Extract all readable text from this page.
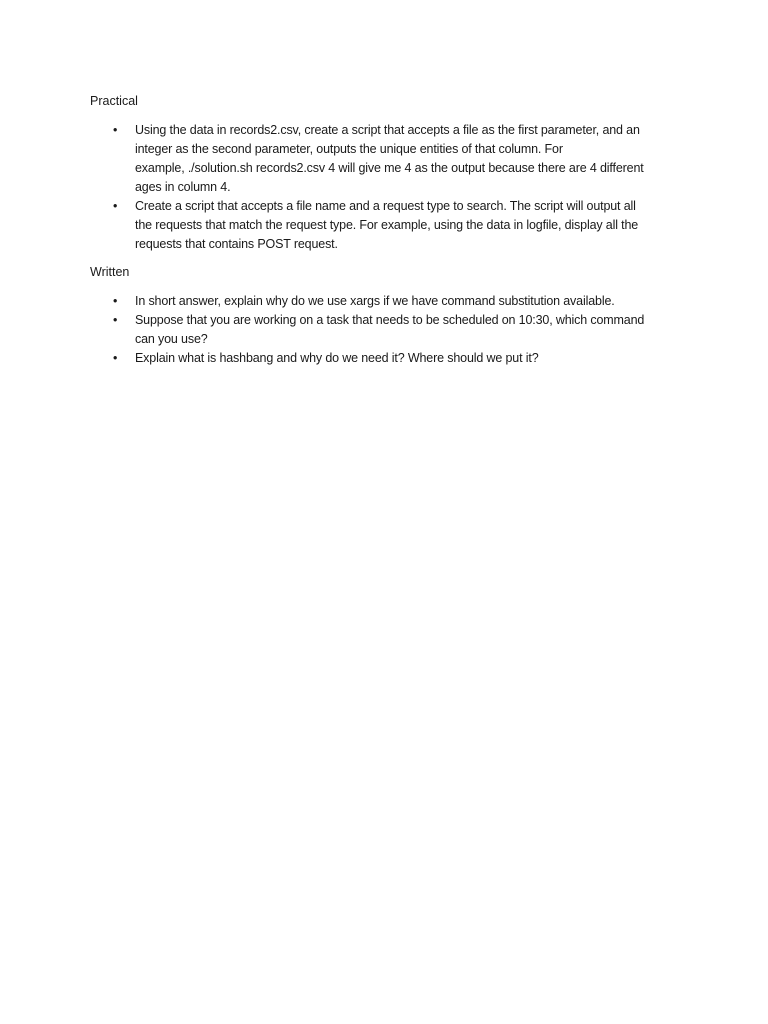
Practical
• Using the data in records2.csv, create a script that accepts a file as the first parameter, and an
integer as the second parameter, outputs the unique entities of that column. For
example, ./solution.sh records2.csv 4 will give me 4 as the output because there are 4 different
ages in column 4.
• Create a script that accepts a file name and a request type to search. The script will output all
the requests that match the request type. For example, using the data in logfile, display all the
requests that contains POST request.
Written
• In short answer, explain why do we use xargs if we have command substitution available.
• Suppose that you are working on a task that needs to be scheduled on 10:30, which command
can you use?
• Explain what is hashbang and why do we need it? Where should we put it?
